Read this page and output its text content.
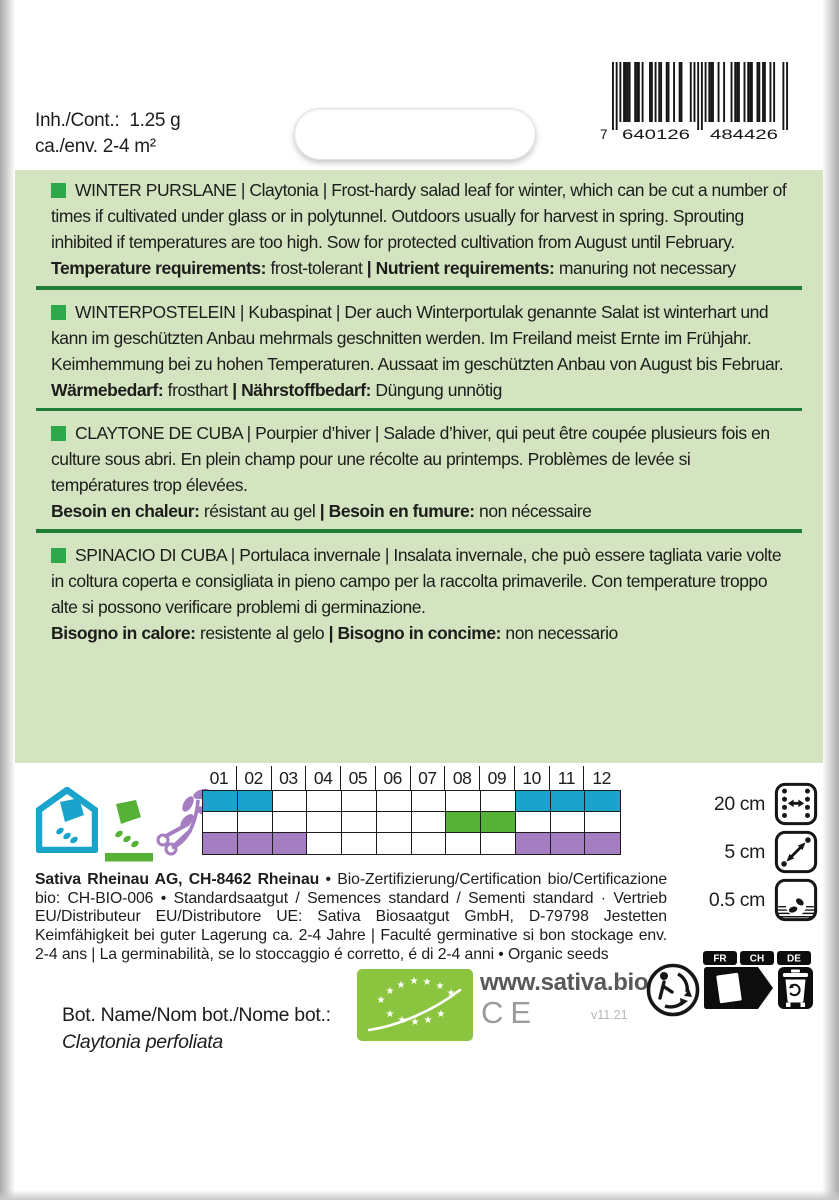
Inh./Cont.: 1.25 g
ca./env. 2-4 m²
7 640126 484426

WINTER PURSLANE | Claytonia | Frost-hardy salad leaf for winter, which can be cut a number of times if cultivated under glass or in polytunnel. Outdoors usually for harvest in spring. Sprouting inhibited if temperatures are too high. Sow for protected cultivation from August until February.

Temperature requirements: frost-tolerant | Nutrient requirements: manuring not necessary

WINTERPOSTELEIN | Kubaspinat | Der auch Winterportulak genannte Salat ist winterhart und kann im geschützten Anbau mehrmals geschnitten werden. Im Freiland meist Ernte im Frühjahr. Keimhemmung bei zu hohen Temperaturen. Aussaat im geschützten Anbau von August bis Februar.

Wärmebedarf: frosthart | Nährstoffbedarf: Düngung unnötig

CLAYTONE DE CUBA | Pourpier d’hiver | Salade d’hiver, qui peut être coupée plusieurs fois en culture sous abri. En plein champ pour une récolte au printemps. Problèmes de levée si températures trop élevées.

Besoin en chaleur: résistant au gel | Besoin en fumure: non nécessaire

SPINACIO DI CUBA | Portulaca invernale | Insalata invernale, che può essere tagliata varie volte in coltura coperta e consigliata in pieno campo per la raccolta primaverile. Con temperature troppo alte si possono verificare problemi di germinazione.

Bisogno in calore: resistente al gelo | Bisogno in concime: non necessario

01 02 03 04 05 06 07 08 09 10 11 12
20 cm
5 cm
0.5 cm

Sativa Rheinau AG, CH-8462 Rheinau • Bio-Zertifizierung/Certification bio/Certificazione bio: CH-BIO-006 • Standardsaatgut / Semences standard / Sementi standard · Vertrieb EU/Distributeur EU/Distributore UE: Sativa Biosaatgut GmbH, D-79798 Jestetten Keimfähigkeit bei guter Lagerung ca. 2-4 Jahre | Faculté germinative si bon stockage env. 2-4 ans | La germinabilità, se lo stoccaggio é corretto, é di 2-4 anni • Organic seeds

Bot. Name/Nom bot./Nome bot.:
Claytonia perfoliata
★
★
★ ★ ★ ★
★
★
★ ★ ★
★
www.sativa.bio
CE	v11.21
FR CH DE
